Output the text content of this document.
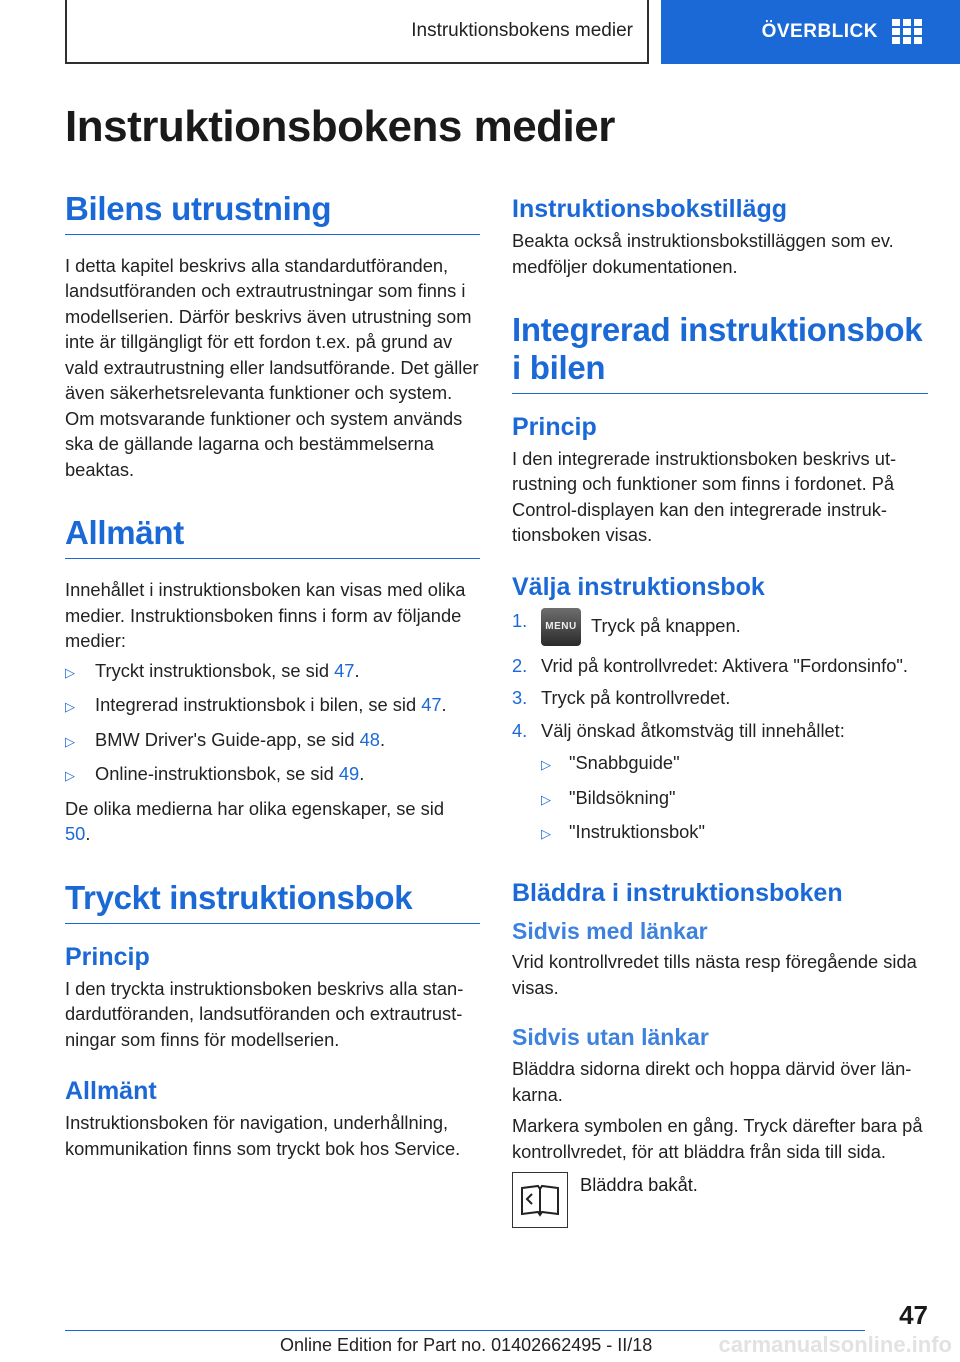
Instruktionsbokens medier	ÖVERBLICK
Instruktionsbokens medier
Bilens utrustning

I detta kapitel beskrivs alla standardutföranden, landsutföranden och extrautrustningar som finns i modellserien. Därför beskrivs även utrustning som inte är tillgängligt för ett fordon t.ex. på grund av vald extrautrustning eller landsutförande. Det gäller även säkerhetsrelevanta funktioner och system. Om motsvarande funktioner och system används ska de gällande lagarna och bestämmelserna beaktas.

Allmänt

Innehållet i instruktionsboken kan visas med olika medier. Instruktionsboken finns i form av följande medier:

▷	Tryckt instruktionsbok, se sid 47.
▷	Integrerad instruktionsbok i bilen, se sid 47.
▷	BMW Driver's Guide-app, se sid 48.
▷	Online-instruktionsbok, se sid 49.

De olika medierna har olika egenskaper, se sid 50.

Tryckt instruktionsbok
Princip

I den tryckta instruktionsboken beskrivs alla standardutföranden, landsutföranden och extrautrustningar som finns för modellserien.

Allmänt

Instruktionsboken för navigation, underhållning, kommunikation finns som tryckt bok hos Service.

Instruktionsbokstillägg

Beakta också instruktionsbokstilläggen som ev. medföljer dokumentationen.

Integrerad instruktionsbok i bilen
Princip

I den integrerade instruktionsboken beskrivs utrustning och funktioner som finns i fordonet. På Control-displayen kan den integrerade instruktionsboken visas.

Välja instruktionsbok
1.	MENU Tryck på knappen.
2. Vrid på kontrollvredet: Aktivera "Fordonsinfo".
3. Tryck på kontrollvredet.
4. Välj önskad åtkomstväg till innehållet:
▷ "Snabbguide"
▷ "Bildsökning"
▷ "Instruktionsbok"
Bläddra i instruktionsboken
Sidvis med länkar

Vrid kontrollvredet tills nästa resp föregående sida visas.

Sidvis utan länkar

Bläddra sidorna direkt och hoppa därvid över länkarna.

Markera symbolen en gång. Tryck därefter bara på kontrollvredet, för att bläddra från sida till sida.

Bläddra bakåt.
47
Online Edition for Part no. 01402662495 - II/18	carmanualsonline.info
